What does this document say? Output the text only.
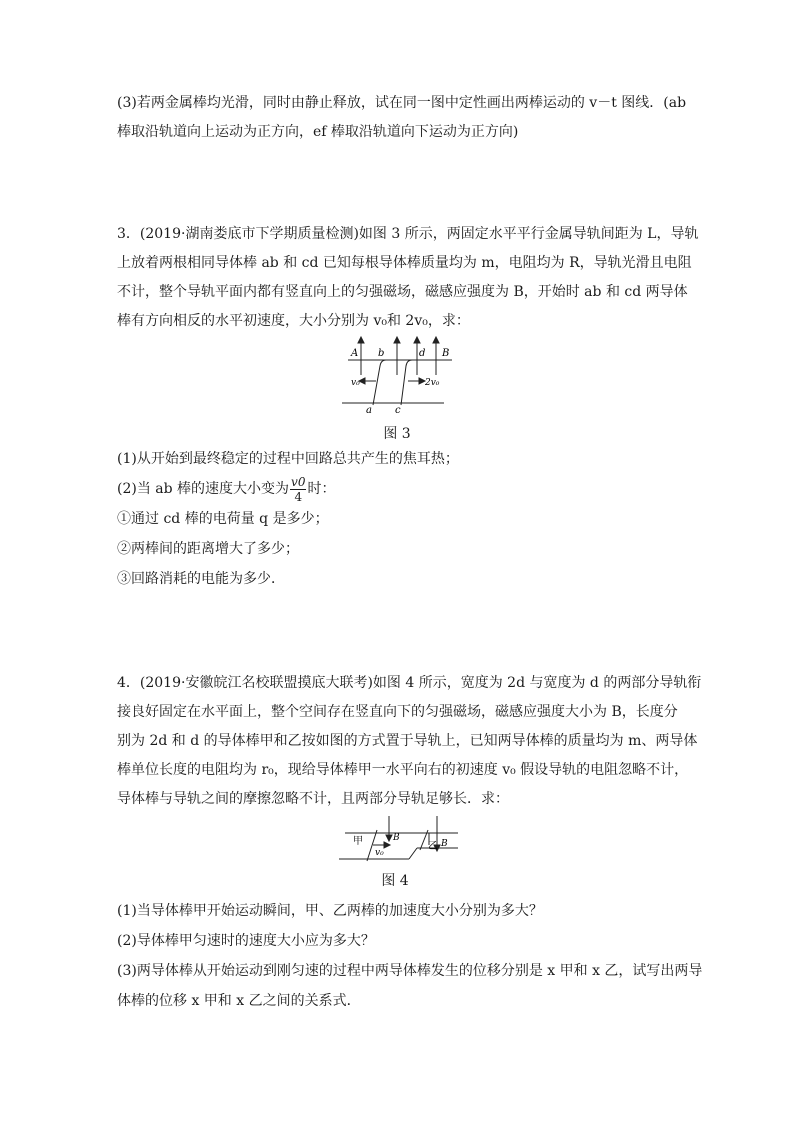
(3)若两金属棒均光滑，同时由静止释放，试在同一图中定性画出两棒运动的 v－t 图线．(ab
棒取沿轨道向上运动为正方向，ef 棒取沿轨道向下运动为正方向)
3．(2019·湖南娄底市下学期质量检测)如图 3 所示，两固定水平平行金属导轨间距为 L，导轨
上放着两根相同导体棒 ab 和 cd 已知每根导体棒质量均为 m，电阻均为 R，导轨光滑且电阻
不计，整个导轨平面内都有竖直向上的匀强磁场，磁感应强度为 B，开始时 ab 和 cd 两导体
棒有方向相反的水平初速度，大小分别为 v₀和 2v₀，求：
A b	d B
v₀	2v₀
a c
图 3
(1)从开始到最终稳定的过程中回路总共产生的焦耳热；
(2)当 ab 棒的速度大小变为 $\frac{v0}{4}$ 时：
①通过 cd 棒的电荷量 q 是多少；
②两棒间的距离增大了多少；
③回路消耗的电能为多少．
4．(2019·安徽皖江名校联盟摸底大联考)如图 4 所示，宽度为 2d 与宽度为 d 的两部分导轨衔
接良好固定在水平面上，整个空间存在竖直向下的匀强磁场，磁感应强度大小为 B，长度分
别为 2d 和 d 的导体棒甲和乙按如图的方式置于导轨上，已知两导体棒的质量均为 m、两导体
棒单位长度的电阻均为 r₀，现给导体棒甲一水平向右的初速度 v₀ 假设导轨的电阻忽略不计，
导体棒与导轨之间的摩擦忽略不计，且两部分导轨足够长．求：
甲	B
v₀
乙 B
图 4
(1)当导体棒甲开始运动瞬间，甲、乙两棒的加速度大小分别为多大？
(2)导体棒甲匀速时的速度大小应为多大？
(3)两导体棒从开始运动到刚匀速的过程中两导体棒发生的位移分别是 x 甲和 x 乙，试写出两导
体棒的位移 x 甲和 x 乙之间的关系式．
